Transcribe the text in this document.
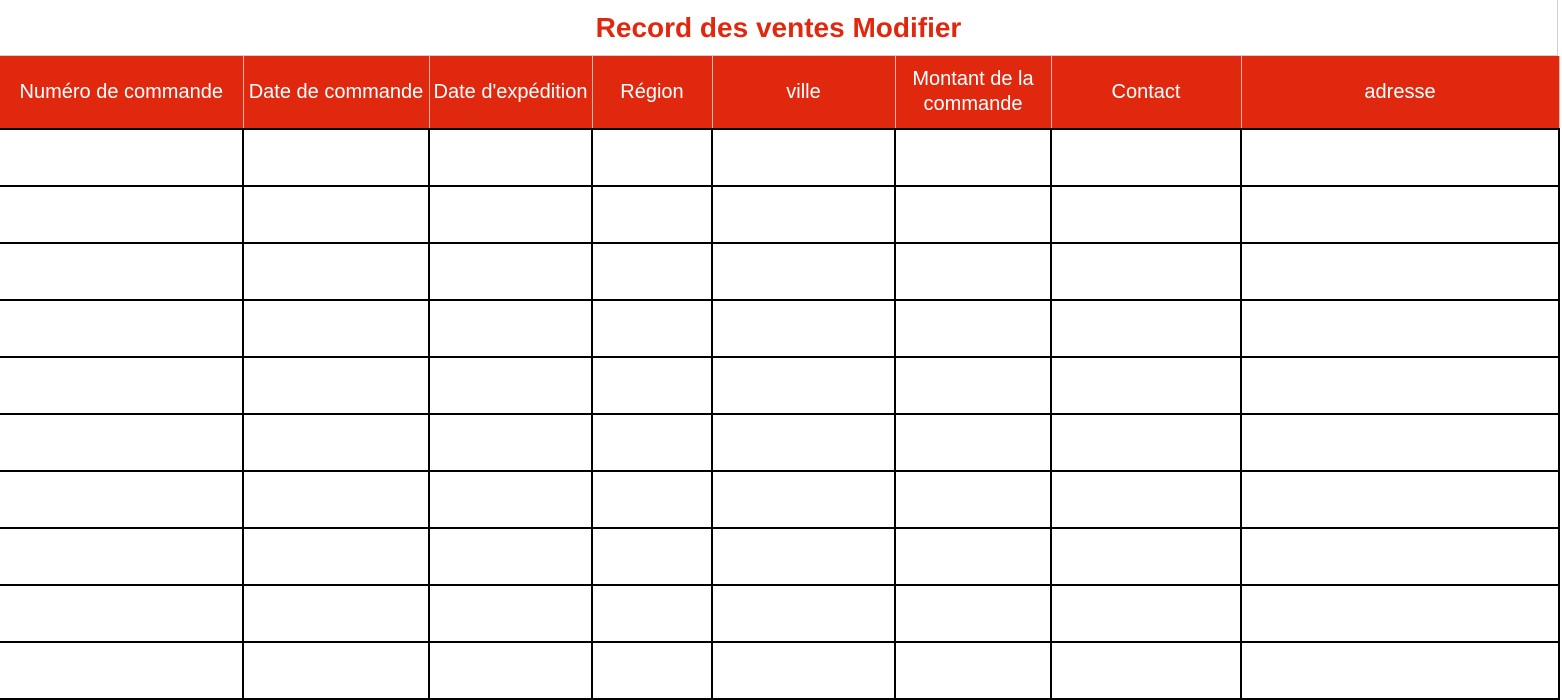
Record des ventes Modifier
Numéro de commande	Date de commande	Date d'expédition	Région	ville	Montant de la commande	Contact	adresse
